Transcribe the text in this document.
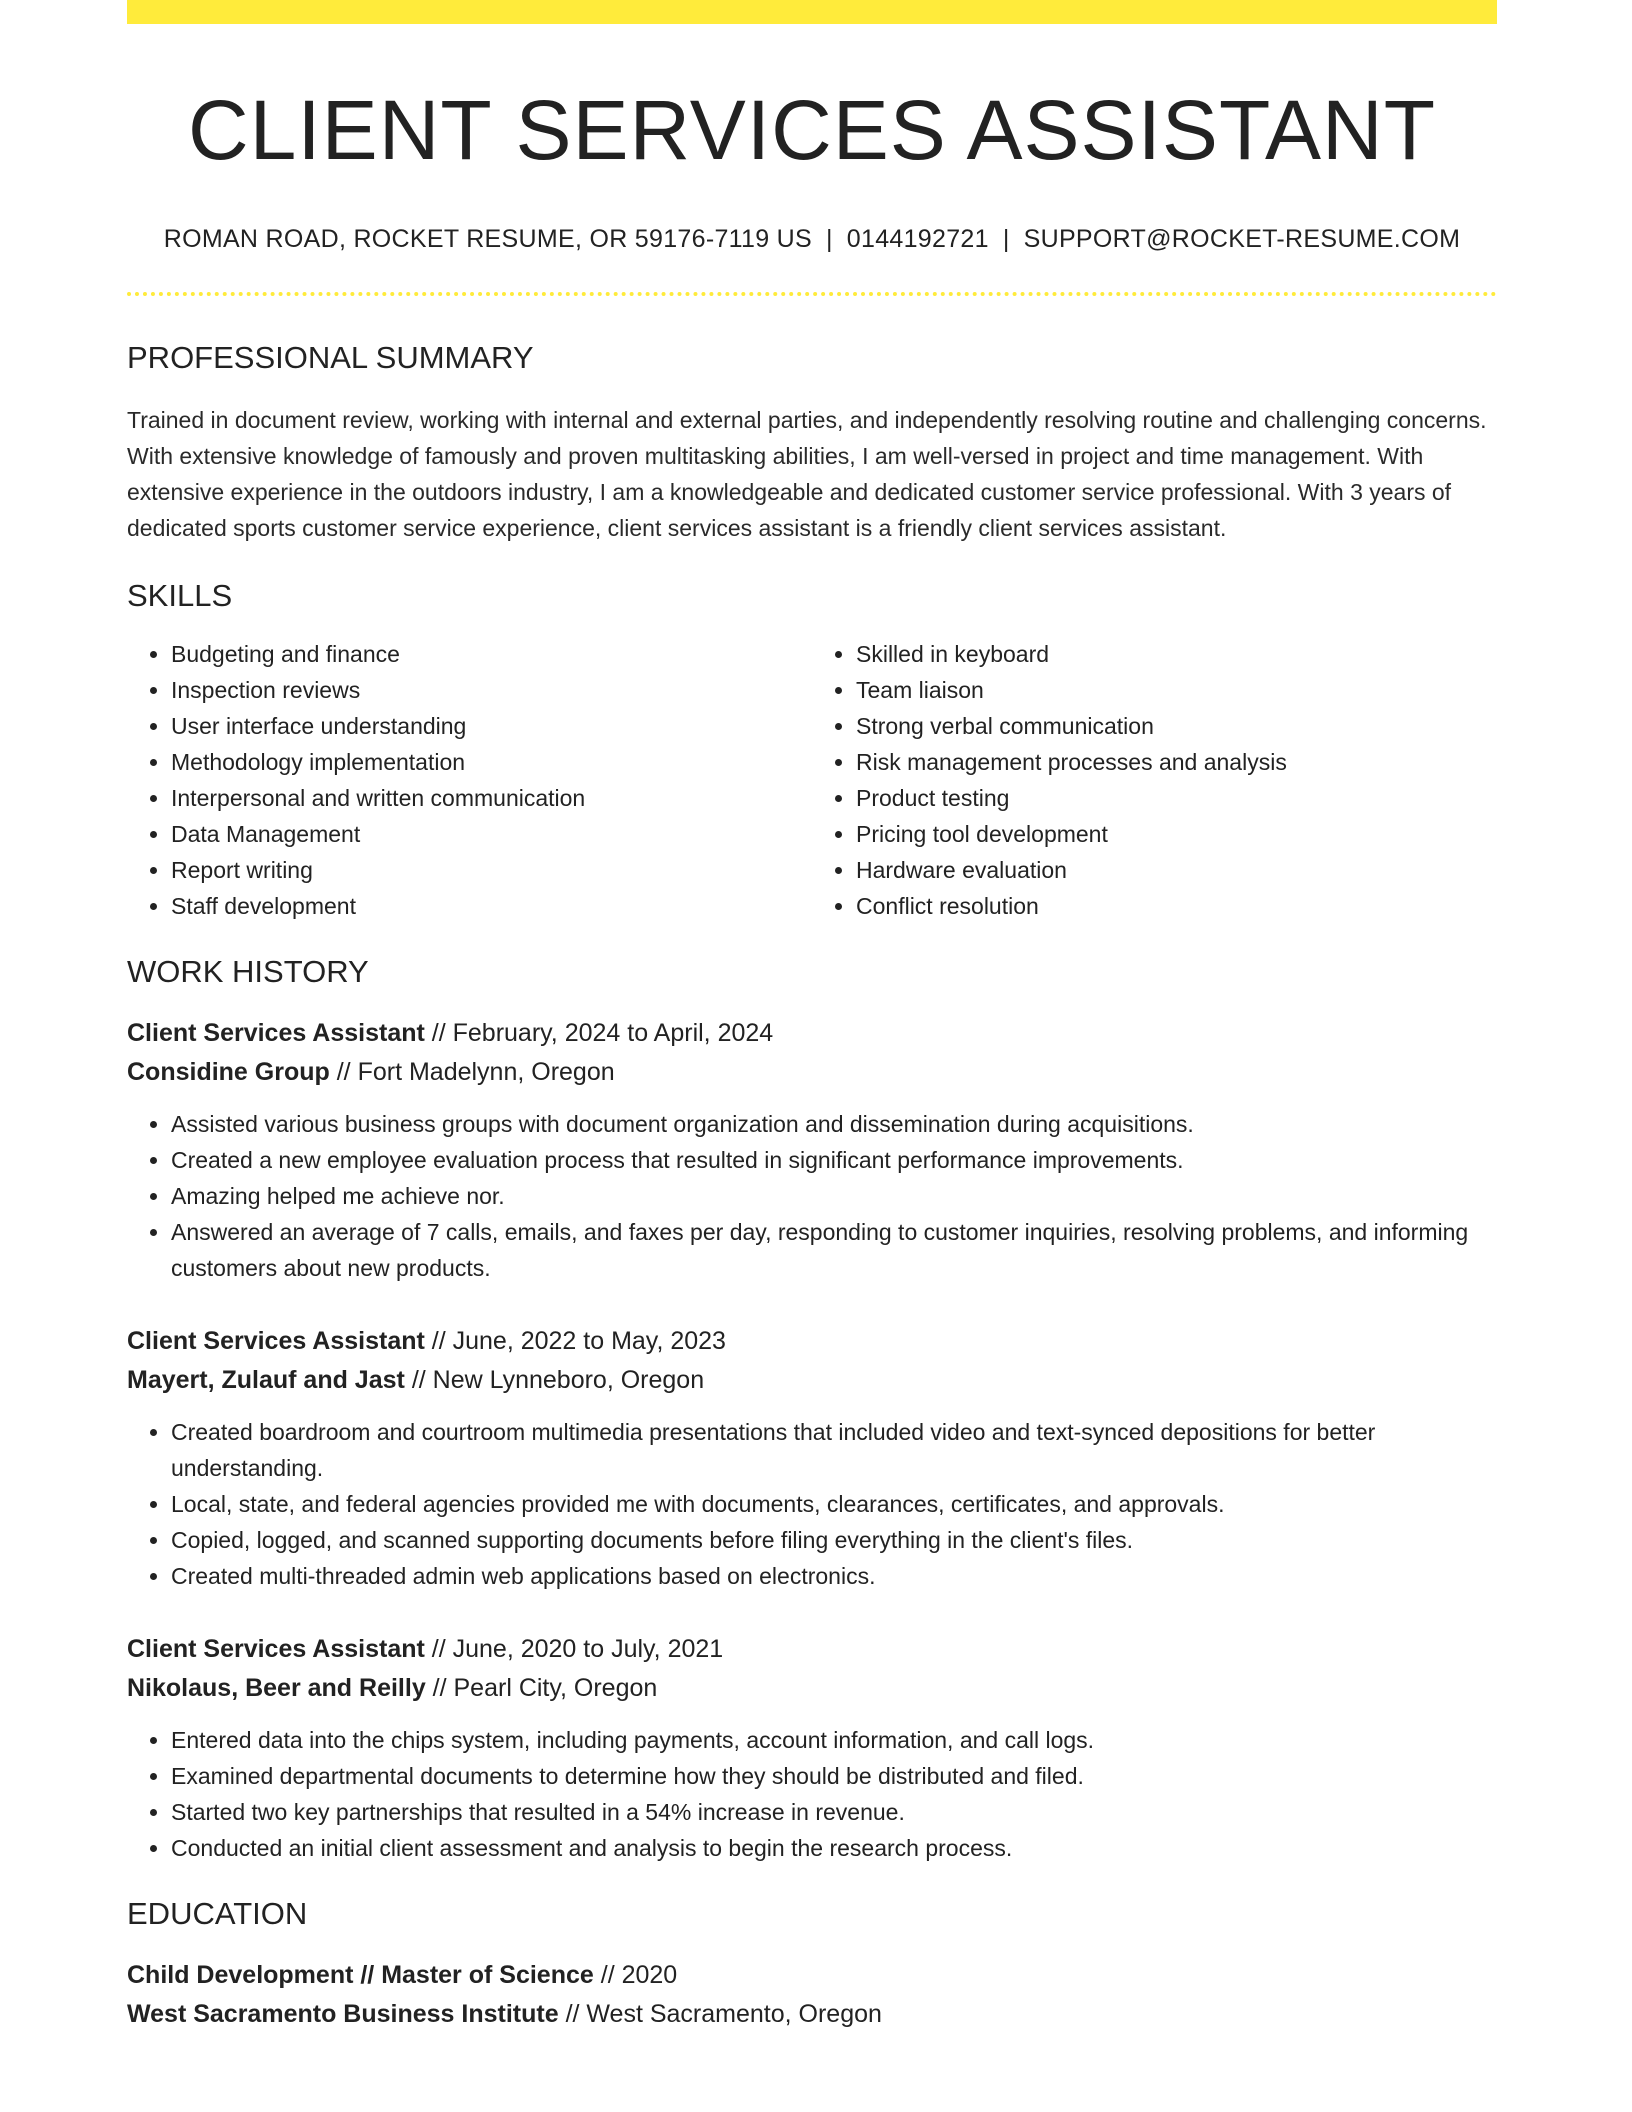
CLIENT SERVICES ASSISTANT
ROMAN ROAD, ROCKET RESUME, OR 59176-7119 US | 0144192721 | SUPPORT@ROCKET-RESUME.COM
PROFESSIONAL SUMMARY
Trained in document review, working with internal and external parties, and independently resolving routine and challenging concerns. With extensive knowledge of famously and proven multitasking abilities, I am well-versed in project and time management. With extensive experience in the outdoors industry, I am a knowledgeable and dedicated customer service professional. With 3 years of dedicated sports customer service experience, client services assistant is a friendly client services assistant.
SKILLS
• Budgeting and finance
• Inspection reviews
• User interface understanding
• Methodology implementation
• Interpersonal and written communication
• Data Management
• Report writing
• Staff development
• Skilled in keyboard
• Team liaison
• Strong verbal communication
• Risk management processes and analysis
• Product testing
• Pricing tool development
• Hardware evaluation
• Conflict resolution
WORK HISTORY
Client Services Assistant // February, 2024 to April, 2024
Considine Group // Fort Madelynn, Oregon
• Assisted various business groups with document organization and dissemination during acquisitions.
• Created a new employee evaluation process that resulted in significant performance improvements.
• Amazing helped me achieve nor.
• Answered an average of 7 calls, emails, and faxes per day, responding to customer inquiries, resolving problems, and informing customers about new products.
Client Services Assistant // June, 2022 to May, 2023
Mayert, Zulauf and Jast // New Lynneboro, Oregon
• Created boardroom and courtroom multimedia presentations that included video and text-synced depositions for better understanding.
• Local, state, and federal agencies provided me with documents, clearances, certificates, and approvals.
• Copied, logged, and scanned supporting documents before filing everything in the client's files.
• Created multi-threaded admin web applications based on electronics.
Client Services Assistant // June, 2020 to July, 2021
Nikolaus, Beer and Reilly // Pearl City, Oregon
• Entered data into the chips system, including payments, account information, and call logs.
• Examined departmental documents to determine how they should be distributed and filed.
• Started two key partnerships that resulted in a 54% increase in revenue.
• Conducted an initial client assessment and analysis to begin the research process.
EDUCATION
Child Development // Master of Science // 2020
West Sacramento Business Institute // West Sacramento, Oregon
